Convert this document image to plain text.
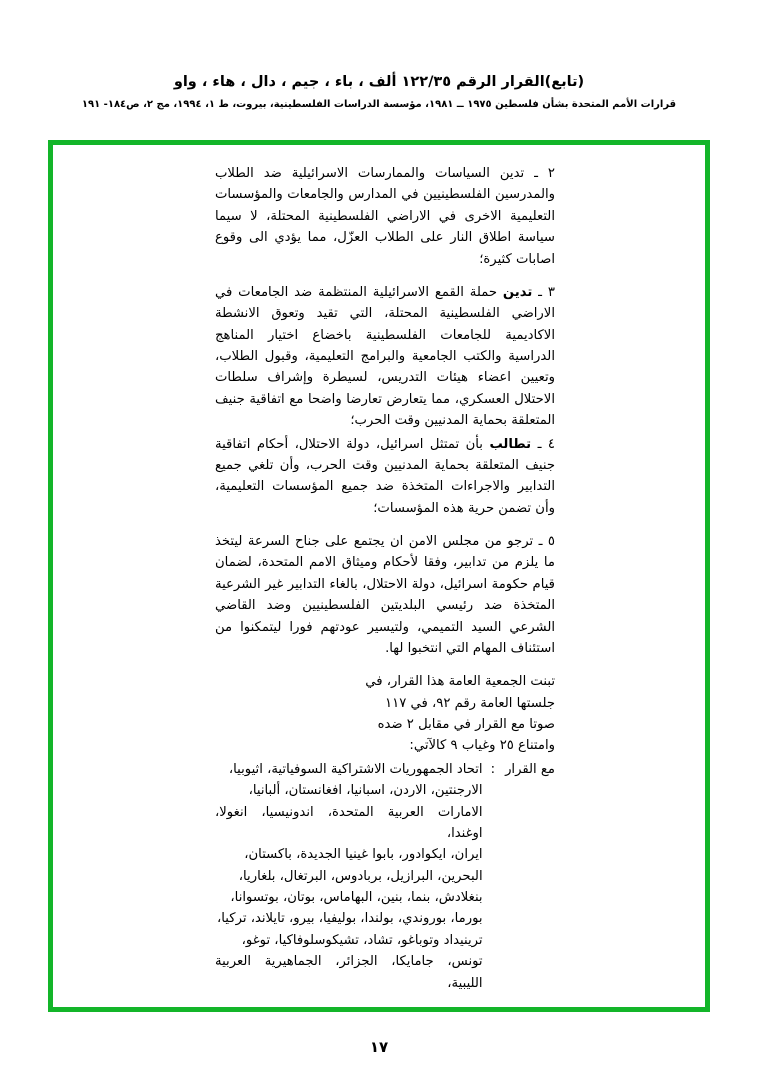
(تابع)القرار الرقم ١٢٢/٣٥ ألف ، باء ، جيم ، دال ، هاء ، واو
قرارات الأمم المتحدة بشأن فلسطين ١٩٧٥ ــ ١٩٨١، مؤسسة الدراسات الفلسطينية، بيروت، ط ١، ١٩٩٤، مج ٢، ص١٨٤- ١٩١

٢ ـ تدين السياسات والممارسات الاسرائيلية ضد الطلاب والمدرسين الفلسطينيين في المدارس والجامعات والمؤسسات التعليمية الاخرى في الاراضي الفلسطينية المحتلة، لا سيما سياسة اطلاق النار على الطلاب العزّل، مما يؤدي الى وقوع اصابات كثيرة؛

٣ ـ تدين حملة القمع الاسرائيلية المنتظمة ضد الجامعات في الاراضي الفلسطينية المحتلة، التي تقيد وتعوق الانشطة الاكاديمية للجامعات الفلسطينية باخضاع اختيار المناهج الدراسية والكتب الجامعية والبرامج التعليمية، وقبول الطلاب، وتعيين اعضاء هيئات التدريس، لسيطرة وإشراف سلطات الاحتلال العسكري، مما يتعارض تعارضا واضحا مع اتفاقية جنيف المتعلقة بحماية المدنيين وقت الحرب؛

٤ ـ تطالب بأن تمتثل اسرائيل، دولة الاحتلال، أحكام اتفاقية جنيف المتعلقة بحماية المدنيين وقت الحرب، وأن تلغي جميع التدابير والاجراءات المتخذة ضد جميع المؤسسات التعليمية، وأن تضمن حرية هذه المؤسسات؛

٥ ـ ترجو من مجلس الامن ان يجتمع على جناح السرعة ليتخذ ما يلزم من تدابير، وفقا لأحكام وميثاق الامم المتحدة، لضمان قيام حكومة اسرائيل، دولة الاحتلال، بالغاء التدابير غير الشرعية المتخذة ضد رئيسي البلديتين الفلسطينيين وضد القاضي الشرعي السيد التميمي، ولتيسير عودتهم فورا ليتمكنوا من استئناف المهام التي انتخبوا لها.

تبنت الجمعية العامة هذا القرار، في

جلستها العامة رقم ٩٢، في ١١٧

صوتا مع القرار في مقابل ٢ ضده

وامتناع ٢٥ وغياب ٩ كالآتي:

مع القرار
:

اتحاد الجمهوريات الاشتراكية السوفياتية، اثيوبيا،

الارجنتين، الاردن، اسبانيا، افغانستان، ألبانيا،

الامارات العربية المتحدة، اندونيسيا، انغولا، اوغندا،

ايران، ايكوادور، بابوا غينيا الجديدة، باكستان،

البحرين، البرازيل، بربادوس، البرتغال، بلغاريا،

بنغلادش، بنما، بنين، البهاماس، بوتان، بوتسوانا،

بورما، بوروندي، بولندا، بوليفيا، بيرو، تايلاند، تركيا،

ترينيداد وتوباغو، تشاد، تشيكوسلوفاكيا، توغو،

تونس، جامايكا، الجزائر، الجماهيرية العربية الليبية،

١٧
